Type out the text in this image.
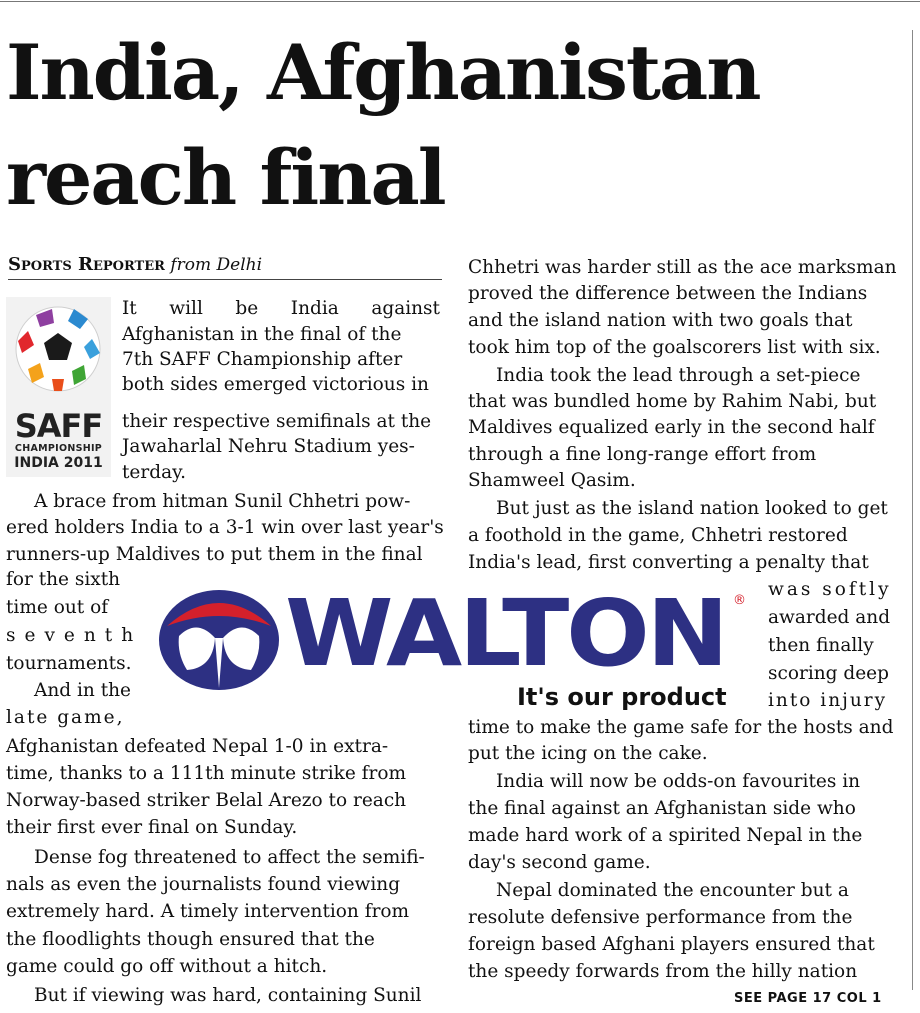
India, Afghanistan
reach final
Sports Reporter from Delhi
SAFF
CHAMPIONSHIP
INDIA 2011
WALTON ®
It's our product
It will be India against
Afghanistan in the final of the
7th SAFF Championship after
both sides emerged victorious in
their respective semifinals at the
Jawaharlal Nehru Stadium yes-
terday.
A brace from hitman Sunil Chhetri pow-
ered holders India to a 3-1 win over last year's
runners-up Maldives to put them in the final
for the sixth
time out of
seventh
tournaments.
And in the
late game,
Afghanistan defeated Nepal 1-0 in extra-
time, thanks to a 111th minute strike from
Norway-based striker Belal Arezo to reach
their first ever final on Sunday.
Dense fog threatened to affect the semifi-
nals as even the journalists found viewing
extremely hard. A timely intervention from
the floodlights though ensured that the
game could go off without a hitch.
But if viewing was hard, containing Sunil
Chhetri was harder still as the ace marksman
proved the difference between the Indians
and the island nation with two goals that
took him top of the goalscorers list with six.
India took the lead through a set-piece
that was bundled home by Rahim Nabi, but
Maldives equalized early in the second half
through a fine long-range effort from
Shamweel Qasim.
But just as the island nation looked to get
a foothold in the game, Chhetri restored
India's lead, first converting a penalty that
was softly
awarded and
then finally
scoring deep
into injury
time to make the game safe for the hosts and
put the icing on the cake.
India will now be odds-on favourites in
the final against an Afghanistan side who
made hard work of a spirited Nepal in the
day's second game.
Nepal dominated the encounter but a
resolute defensive performance from the
foreign based Afghani players ensured that
the speedy forwards from the hilly nation
SEE PAGE 17 COL 1
